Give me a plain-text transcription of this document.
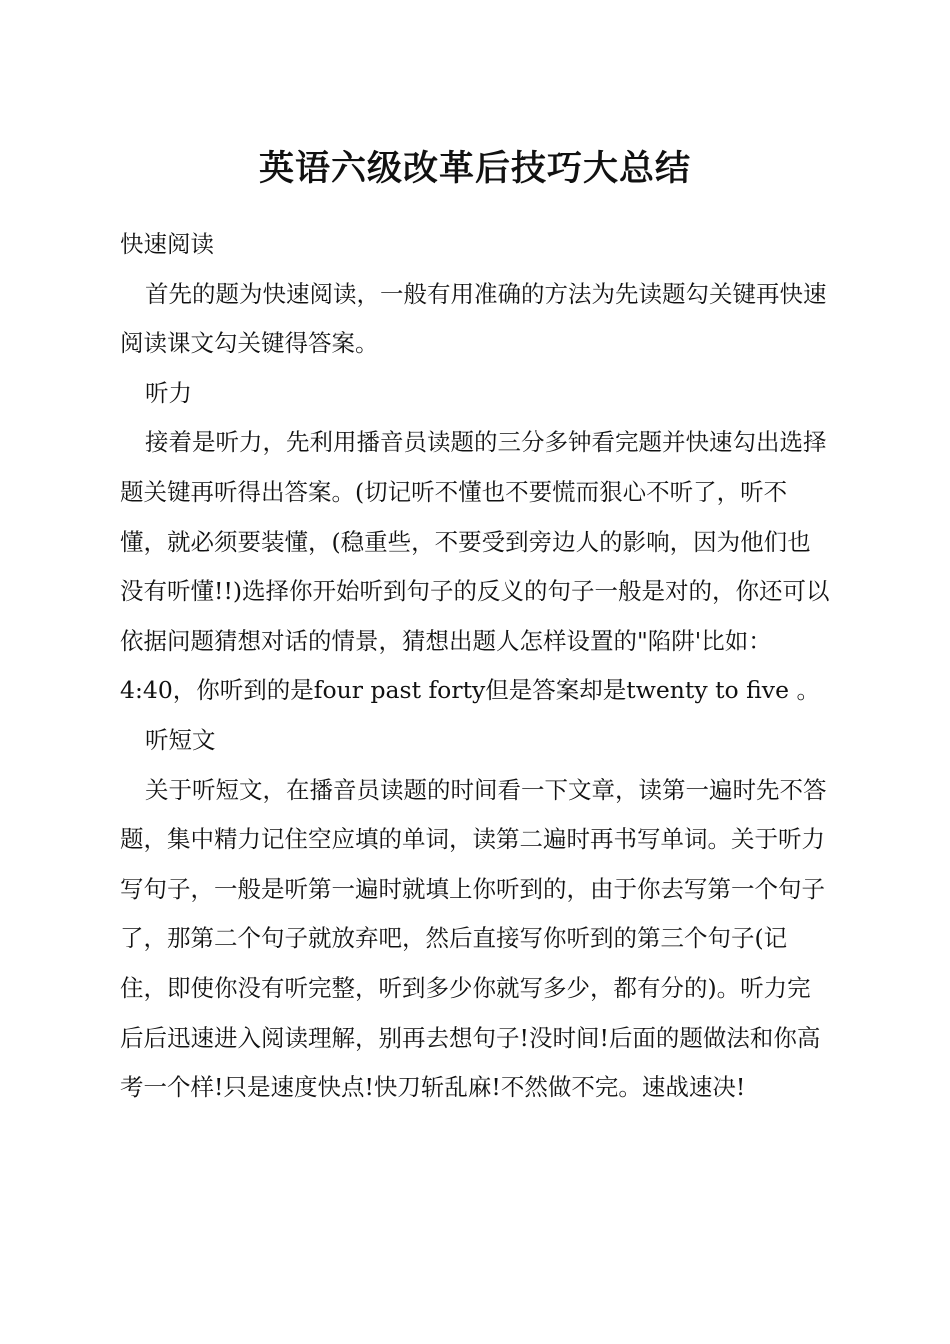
英语六级改革后技巧大总结

快速阅读

首先的题为快速阅读，一般有用准确的方法为先读题勾关键再快速阅读课文勾关键得答案。

听力

接着是听力，先利用播音员读题的三分多钟看完题并快速勾出选择题关键再听得出答案。(切记听不懂也不要慌而狠心不听了，听不懂，就必须要装懂，(稳重些，不要受到旁边人的影响，因为他们也没有听懂!!)选择你开始听到句子的反义的句子一般是对的，你还可以依据问题猜想对话的情景，猜想出题人怎样设置的"陷阱'比如：4:40，你听到的是four past forty但是答案却是twenty to five 。

听短文

关于听短文，在播音员读题的时间看一下文章，读第一遍时先不答题，集中精力记住空应填的单词，读第二遍时再书写单词。关于听力写句子，一般是听第一遍时就填上你听到的，由于你去写第一个句子了，那第二个句子就放弃吧，然后直接写你听到的第三个句子(记住，即使你没有听完整，听到多少你就写多少，都有分的)。听力完后后迅速进入阅读理解，别再去想句子!没时间!后面的题做法和你高考一个样!只是速度快点!快刀斩乱麻!不然做不完。速战速决!
